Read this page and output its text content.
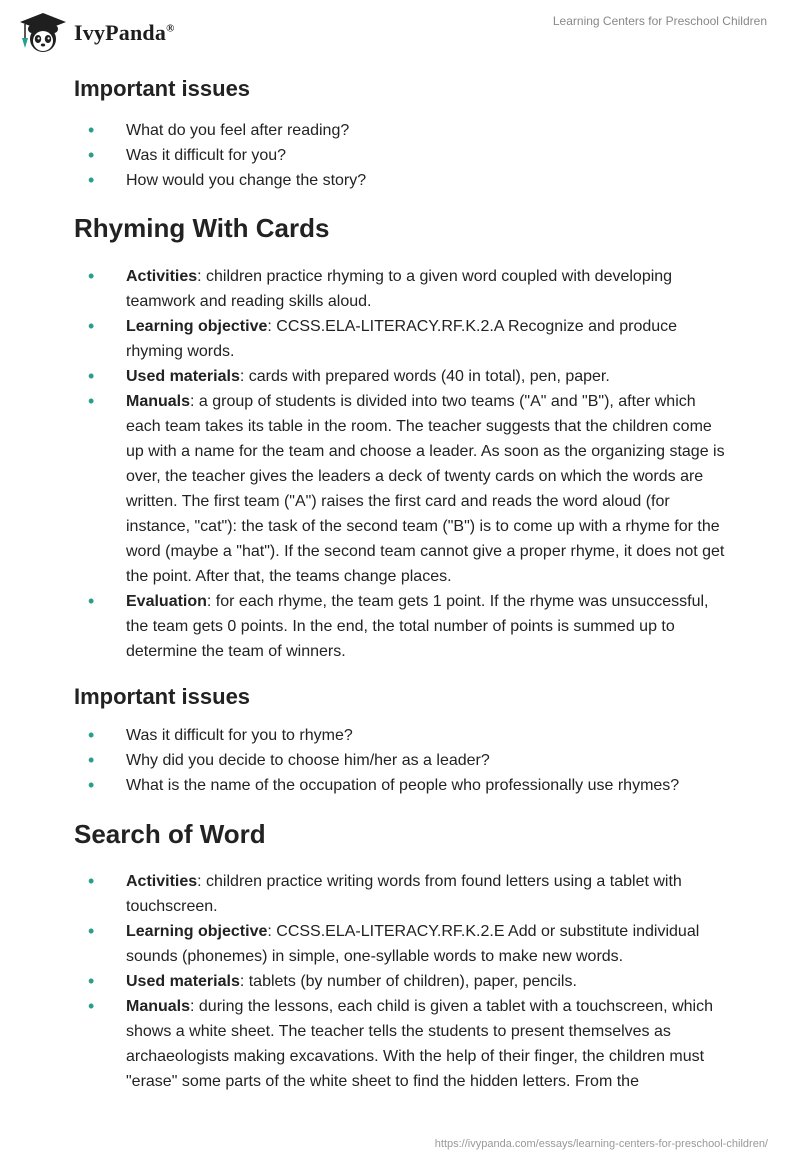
IvyPanda®
Learning Centers for Preschool Children
Important issues
• What do you feel after reading?
• Was it difficult for you?
• How would you change the story?
Rhyming With Cards
• Activities: children practice rhyming to a given word coupled with developing teamwork and reading skills aloud.
• Learning objective: CCSS.ELA-LITERACY.RF.K.2.A Recognize and produce rhyming words.
• Used materials: cards with prepared words (40 in total), pen, paper.
• Manuals: a group of students is divided into two teams ("A" and "B"), after which each team takes its table in the room. The teacher suggests that the children come up with a name for the team and choose a leader. As soon as the organizing stage is over, the teacher gives the leaders a deck of twenty cards on which the words are written. The first team ("A") raises the first card and reads the word aloud (for instance, "cat"): the task of the second team ("B") is to come up with a rhyme for the word (maybe a "hat"). If the second team cannot give a proper rhyme, it does not get the point. After that, the teams change places.
• Evaluation: for each rhyme, the team gets 1 point. If the rhyme was unsuccessful, the team gets 0 points. In the end, the total number of points is summed up to determine the team of winners.
Important issues
• Was it difficult for you to rhyme?
• Why did you decide to choose him/her as a leader?
• What is the name of the occupation of people who professionally use rhymes?
Search of Word
• Activities: children practice writing words from found letters using a tablet with touchscreen.
• Learning objective: CCSS.ELA-LITERACY.RF.K.2.E Add or substitute individual sounds (phonemes) in simple, one-syllable words to make new words.
• Used materials: tablets (by number of children), paper, pencils.
• Manuals: during the lessons, each child is given a tablet with a touchscreen, which shows a white sheet. The teacher tells the students to present themselves as archaeologists making excavations. With the help of their finger, the children must "erase" some parts of the white sheet to find the hidden letters. From the
https://ivypanda.com/essays/learning-centers-for-preschool-children/
